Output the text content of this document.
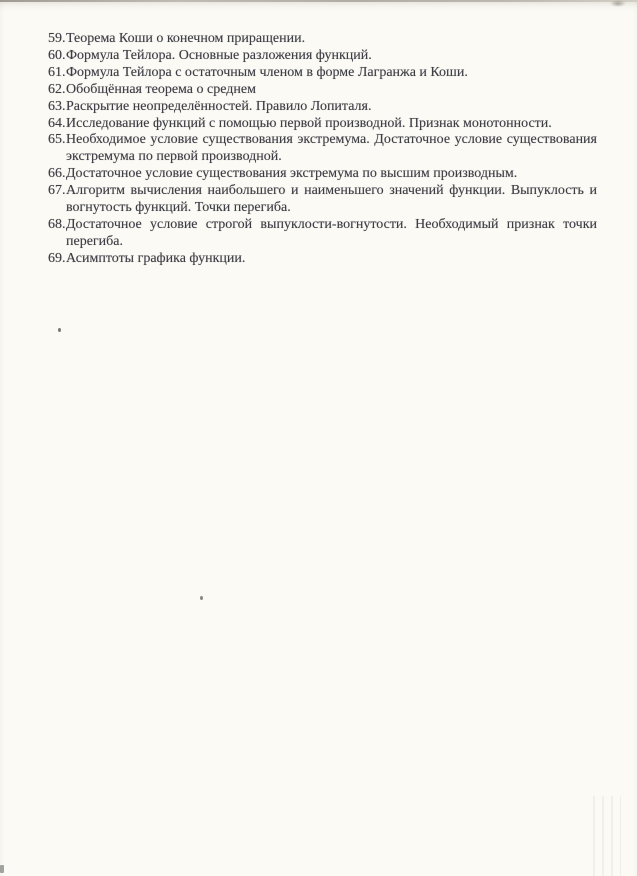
59. Теорема Коши о конечном приращении.
60. Формула Тейлора. Основные разложения функций.
61. Формула Тейлора с остаточным членом в форме Лагранжа и Коши.
62. Обобщённая теорема о среднем
63. Раскрытие неопределённостей. Правило Лопиталя.
64. Исследование функций с помощью первой производной. Признак монотонности.
65. Необходимое условие существования экстремума. Достаточное условие существования экстремума по первой производной.
66. Достаточное условие существования экстремума по высшим производным.
67. Алгоритм вычисления наибольшего и наименьшего значений функции. Выпуклость и вогнутость функций. Точки перегиба.
68. Достаточное условие строгой выпуклости-вогнутости. Необходимый признак точки перегиба.
69. Асимптоты графика функции.
